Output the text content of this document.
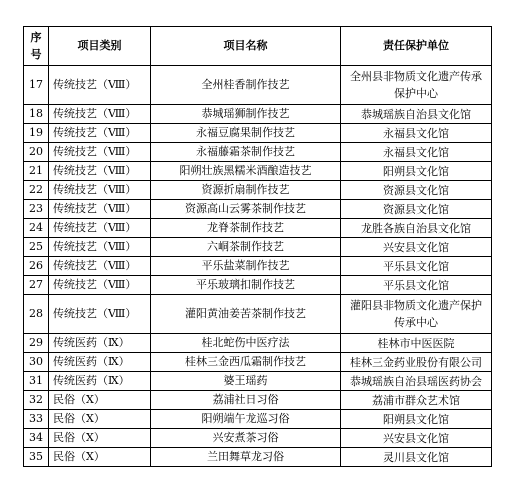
序
号	项目类别	项目名称	责任保护单位
17	传统技艺（Ⅷ）	全州桂香制作技艺	全州县非物质文化遗产传承
保护中心

18	传统技艺（Ⅷ）	恭城瑶狮制作技艺	恭城瑶族自治县文化馆

19	传统技艺（Ⅷ）	永福豆腐果制作技艺	永福县文化馆

20	传统技艺（Ⅷ）	永福藤霜茶制作技艺	永福县文化馆

21	传统技艺（Ⅷ）	阳朔壮族黑糯米酒酿造技艺	阳朔县文化馆

22	传统技艺（Ⅷ）	资源折扇制作技艺	资源县文化馆

23	传统技艺（Ⅷ）	资源高山云雾茶制作技艺	资源县文化馆

24	传统技艺（Ⅷ）	龙脊茶制作技艺	龙胜各族自治县文化馆

25	传统技艺（Ⅷ）	六峒茶制作技艺	兴安县文化馆

26	传统技艺（Ⅷ）	平乐盐菜制作技艺	平乐县文化馆

27	传统技艺（Ⅷ）	平乐玻璃扣制作技艺	平乐县文化馆

28	传统技艺（Ⅷ）	灌阳黄油姜苦茶制作技艺	灌阳县非物质文化遗产保护
传承中心

29	传统医药（Ⅸ）	桂北蛇伤中医疗法	桂林市中医医院

30	传统医药（Ⅸ）	桂林三金西瓜霜制作技艺	桂林三金药业股份有限公司

31	传统医药（Ⅸ）	婆王瑶药	恭城瑶族自治县瑶医药协会

32	民俗（Ⅹ）	荔浦社日习俗	荔浦市群众艺术馆

33	民俗（Ⅹ）	阳朔端午龙巡习俗	阳朔县文化馆

34	民俗（Ⅹ）	兴安煮茶习俗	兴安县文化馆

35	民俗（Ⅹ）	兰田舞草龙习俗	灵川县文化馆
